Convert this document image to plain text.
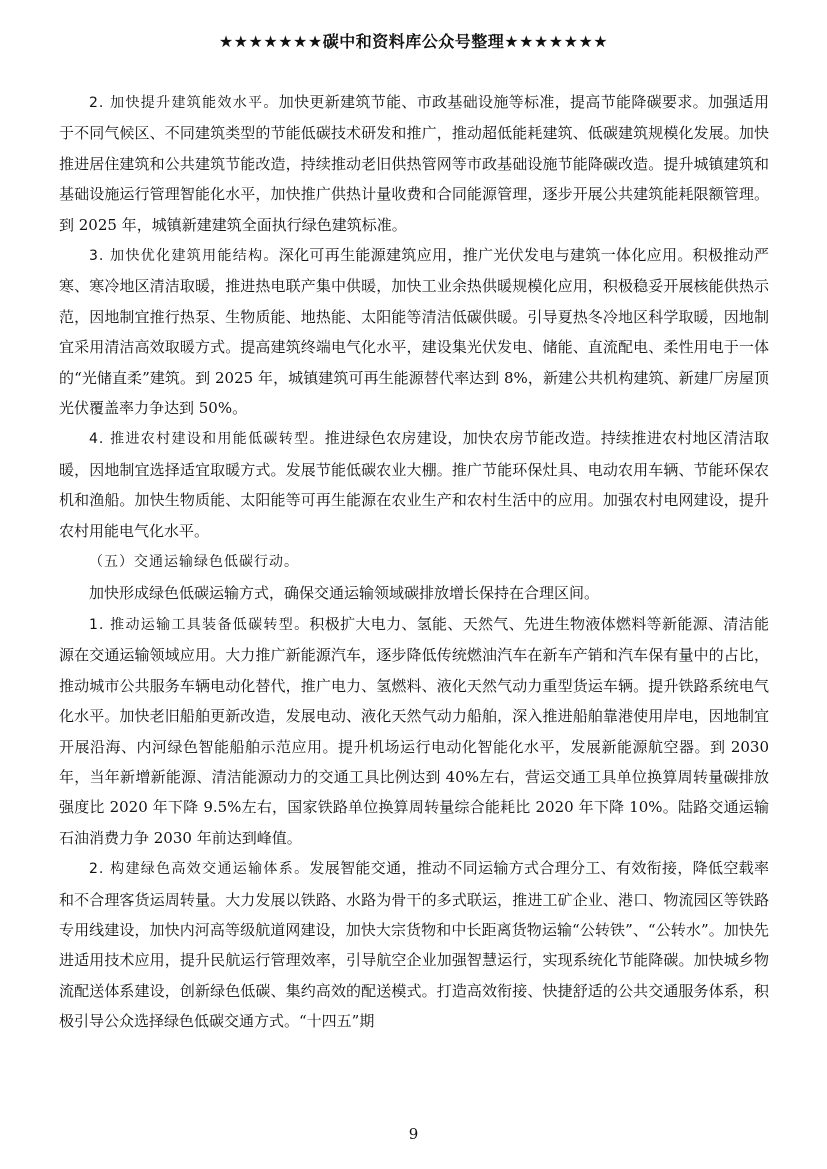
★★★★★★★碳中和资料库公众号整理★★★★★★★

2. 加快提升建筑能效水平。加快更新建筑节能、市政基础设施等标准，提高节能降碳要求。加强适用于不同气候区、不同建筑类型的节能低碳技术研发和推广，推动超低能耗建筑、低碳建筑规模化发展。加快推进居住建筑和公共建筑节能改造，持续推动老旧供热管网等市政基础设施节能降碳改造。提升城镇建筑和基础设施运行管理智能化水平，加快推广供热计量收费和合同能源管理，逐步开展公共建筑能耗限额管理。到 2025 年，城镇新建建筑全面执行绿色建筑标准。

3. 加快优化建筑用能结构。深化可再生能源建筑应用，推广光伏发电与建筑一体化应用。积极推动严寒、寒冷地区清洁取暖，推进热电联产集中供暖，加快工业余热供暖规模化应用，积极稳妥开展核能供热示范，因地制宜推行热泵、生物质能、地热能、太阳能等清洁低碳供暖。引导夏热冬冷地区科学取暖，因地制宜采用清洁高效取暖方式。提高建筑终端电气化水平，建设集光伏发电、储能、直流配电、柔性用电于一体的“光储直柔”建筑。到 2025 年，城镇建筑可再生能源替代率达到 8%，新建公共机构建筑、新建厂房屋顶光伏覆盖率力争达到 50%。

4. 推进农村建设和用能低碳转型。推进绿色农房建设，加快农房节能改造。持续推进农村地区清洁取暖，因地制宜选择适宜取暖方式。发展节能低碳农业大棚。推广节能环保灶具、电动农用车辆、节能环保农机和渔船。加快生物质能、太阳能等可再生能源在农业生产和农村生活中的应用。加强农村电网建设，提升农村用能电气化水平。

（五）交通运输绿色低碳行动。

加快形成绿色低碳运输方式，确保交通运输领域碳排放增长保持在合理区间。

1. 推动运输工具装备低碳转型。积极扩大电力、氢能、天然气、先进生物液体燃料等新能源、清洁能源在交通运输领域应用。大力推广新能源汽车，逐步降低传统燃油汽车在新车产销和汽车保有量中的占比，推动城市公共服务车辆电动化替代，推广电力、氢燃料、液化天然气动力重型货运车辆。提升铁路系统电气化水平。加快老旧船舶更新改造，发展电动、液化天然气动力船舶，深入推进船舶靠港使用岸电，因地制宜开展沿海、内河绿色智能船舶示范应用。提升机场运行电动化智能化水平，发展新能源航空器。到 2030 年，当年新增新能源、清洁能源动力的交通工具比例达到 40%左右，营运交通工具单位换算周转量碳排放强度比 2020 年下降 9.5%左右，国家铁路单位换算周转量综合能耗比 2020 年下降 10%。陆路交通运输石油消费力争 2030 年前达到峰值。

2. 构建绿色高效交通运输体系。发展智能交通，推动不同运输方式合理分工、有效衔接，降低空载率和不合理客货运周转量。大力发展以铁路、水路为骨干的多式联运，推进工矿企业、港口、物流园区等铁路专用线建设，加快内河高等级航道网建设，加快大宗货物和中长距离货物运输“公转铁”、“公转水”。加快先进适用技术应用，提升民航运行管理效率，引导航空企业加强智慧运行，实现系统化节能降碳。加快城乡物流配送体系建设，创新绿色低碳、集约高效的配送模式。打造高效衔接、快捷舒适的公共交通服务体系，积极引导公众选择绿色低碳交通方式。“十四五”期

9
